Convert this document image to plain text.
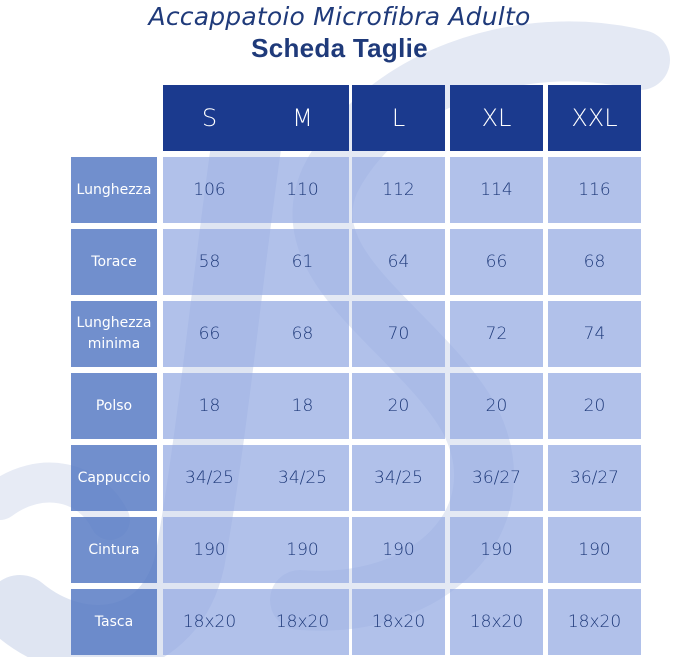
Accappatoio Microfibra Adulto
Scheda Taglie
S	M	L	XL	XXL
Lunghezza	106	110	112	114	116
Torace	58	61	64	66	68
Lunghezza minima	66	68	70	72	74
Polso	18	18	20	20	20
Cappuccio	34/25	34/25	34/25	36/27	36/27
Cintura	190	190	190	190	190
Tasca	18x20	18x20	18x20	18x20	18x20
